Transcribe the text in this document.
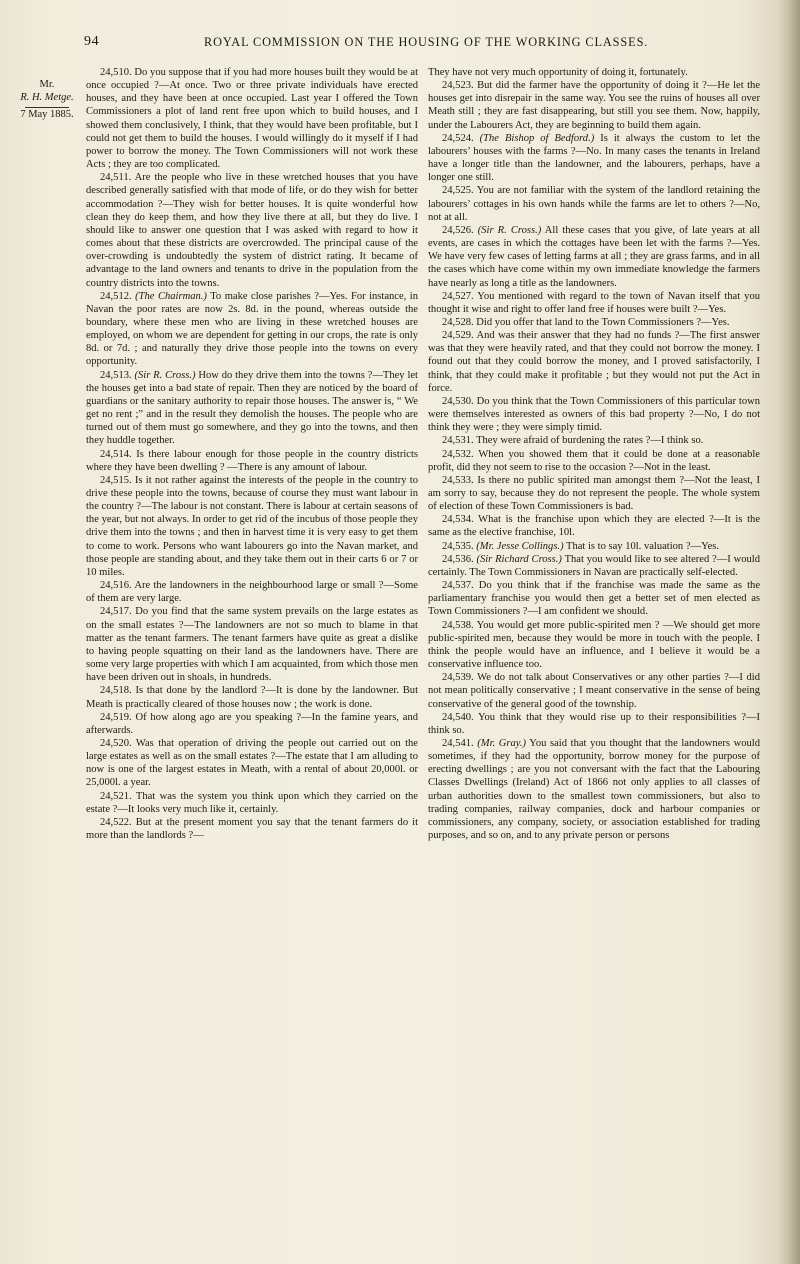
94	ROYAL COMMISSION ON THE HOUSING OF THE WORKING CLASSES.
Mr.
R. H. Metge.
7 May 1885.

24,510. Do you suppose that if you had more houses built they would be at once occupied ?—At once. Two or three private individuals have erected houses, and they have been at once occupied. Last year I offered the Town Commissioners a plot of land rent free upon which to build houses, and I showed them conclusively, I think, that they would have been profitable, but I could not get them to build the houses. I would willingly do it myself if I had power to borrow the money. The Town Commissioners will not work these Acts ; they are too complicated.

24,511. Are the people who live in these wretched houses that you have described generally satisfied with that mode of life, or do they wish for better accommodation ?—They wish for better houses. It is quite wonderful how clean they do keep them, and how they live there at all, but they do live. I should like to answer one question that I was asked with regard to how it comes about that these districts are overcrowded. The principal cause of the over-crowding is undoubtedly the system of district rating. It became of advantage to the land owners and tenants to drive in the population from the country districts into the towns.

24,512. (The Chairman.) To make close parishes ?—Yes. For instance, in Navan the poor rates are now 2s. 8d. in the pound, whereas outside the boundary, where these men who are living in these wretched houses are employed, on whom we are dependent for getting in our crops, the rate is only 8d. or 7d. ; and naturally they drive those people into the towns on every opportunity.

24,513. (Sir R. Cross.) How do they drive them into the towns ?—They let the houses get into a bad state of repair. Then they are noticed by the board of guardians or the sanitary authority to repair those houses. The answer is, “ We get no rent ;” and in the result they demolish the houses. The people who are turned out of them must go somewhere, and they go into the towns, and then they huddle together.

24,514. Is there labour enough for those people in the country districts where they have been dwelling ? —There is any amount of labour.

24,515. Is it not rather against the interests of the people in the country to drive these people into the towns, because of course they must want labour in the country ?—The labour is not constant. There is labour at certain seasons of the year, but not always. In order to get rid of the incubus of those people they drive them into the towns ; and then in harvest time it is very easy to get them to come to work. Persons who want labourers go into the Navan market, and those people are standing about, and they take them out in their carts 6 or 7 or 10 miles.

24,516. Are the landowners in the neighbourhood large or small ?—Some of them are very large.

24,517. Do you find that the same system prevails on the large estates as on the small estates ?—The landowners are not so much to blame in that matter as the tenant farmers. The tenant farmers have quite as great a dislike to having people squatting on their land as the landowners have. There are some very large properties with which I am acquainted, from which those men have been driven out in shoals, in hundreds.

24,518. Is that done by the landlord ?—It is done by the landowner. But Meath is practically cleared of those houses now ; the work is done.

24,519. Of how along ago are you speaking ?—In the famine years, and afterwards.

24,520. Was that operation of driving the people out carried out on the large estates as well as on the small estates ?—The estate that I am alluding to now is one of the largest estates in Meath, with a rental of about 20,000l. or 25,000l. a year.

24,521. That was the system you think upon which they carried on the estate ?—It looks very much like it, certainly.

24,522. But at the present moment you say that the tenant farmers do it more than the landlords ?—

They have not very much opportunity of doing it, fortunately.

24,523. But did the farmer have the opportunity of doing it ?—He let the houses get into disrepair in the same way. You see the ruins of houses all over Meath still ; they are fast disappearing, but still you see them. Now, happily, under the Labourers Act, they are beginning to build them again.

24,524. (The Bishop of Bedford.) Is it always the custom to let the labourers’ houses with the farms ?—No. In many cases the tenants in Ireland have a longer title than the landowner, and the labourers, perhaps, have a longer one still.

24,525. You are not familiar with the system of the landlord retaining the labourers’ cottages in his own hands while the farms are let to others ?—No, not at all.

24,526. (Sir R. Cross.) All these cases that you give, of late years at all events, are cases in which the cottages have been let with the farms ?—Yes. We have very few cases of letting farms at all ; they are grass farms, and in all the cases which have come within my own immediate knowledge the farmers have nearly as long a title as the landowners.

24,527. You mentioned with regard to the town of Navan itself that you thought it wise and right to offer land free if houses were built ?—Yes.

24,528. Did you offer that land to the Town Commissioners ?—Yes.

24,529. And was their answer that they had no funds ?—The first answer was that they were heavily rated, and that they could not borrow the money. I found out that they could borrow the money, and I proved satisfactorily, I think, that they could make it profitable ; but they would not put the Act in force.

24,530. Do you think that the Town Commissioners of this particular town were themselves interested as owners of this bad property ?—No, I do not think they were ; they were simply timid.

24,531. They were afraid of burdening the rates ?—I think so.

24,532. When you showed them that it could be done at a reasonable profit, did they not seem to rise to the occasion ?—Not in the least.

24,533. Is there no public spirited man amongst them ?—Not the least, I am sorry to say, because they do not represent the people. The whole system of election of these Town Commissioners is bad.

24,534. What is the franchise upon which they are elected ?—It is the same as the elective franchise, 10l.

24,535. (Mr. Jesse Collings.) That is to say 10l. valuation ?—Yes.

24,536. (Sir Richard Cross.) That you would like to see altered ?—I would certainly. The Town Commissioners in Navan are practically self-elected.

24,537. Do you think that if the franchise was made the same as the parliamentary franchise you would then get a better set of men elected as Town Commissioners ?—I am confident we should.

24,538. You would get more public-spirited men ? —We should get more public-spirited men, because they would be more in touch with the people. I think the people would have an influence, and I believe it would be a conservative influence too.

24,539. We do not talk about Conservatives or any other parties ?—I did not mean politically conservative ; I meant conservative in the sense of being conservative of the general good of the township.

24,540. You think that they would rise up to their responsibilities ?—I think so.

24,541. (Mr. Gray.) You said that you thought that the landowners would sometimes, if they had the opportunity, borrow money for the purpose of erecting dwellings ; are you not conversant with the fact that the Labouring Classes Dwellings (Ireland) Act of 1866 not only applies to all classes of urban authorities down to the smallest town commissioners, but also to trading companies, railway companies, dock and harbour companies or commissioners, any company, society, or association established for trading purposes, and so on, and to any private person or persons
